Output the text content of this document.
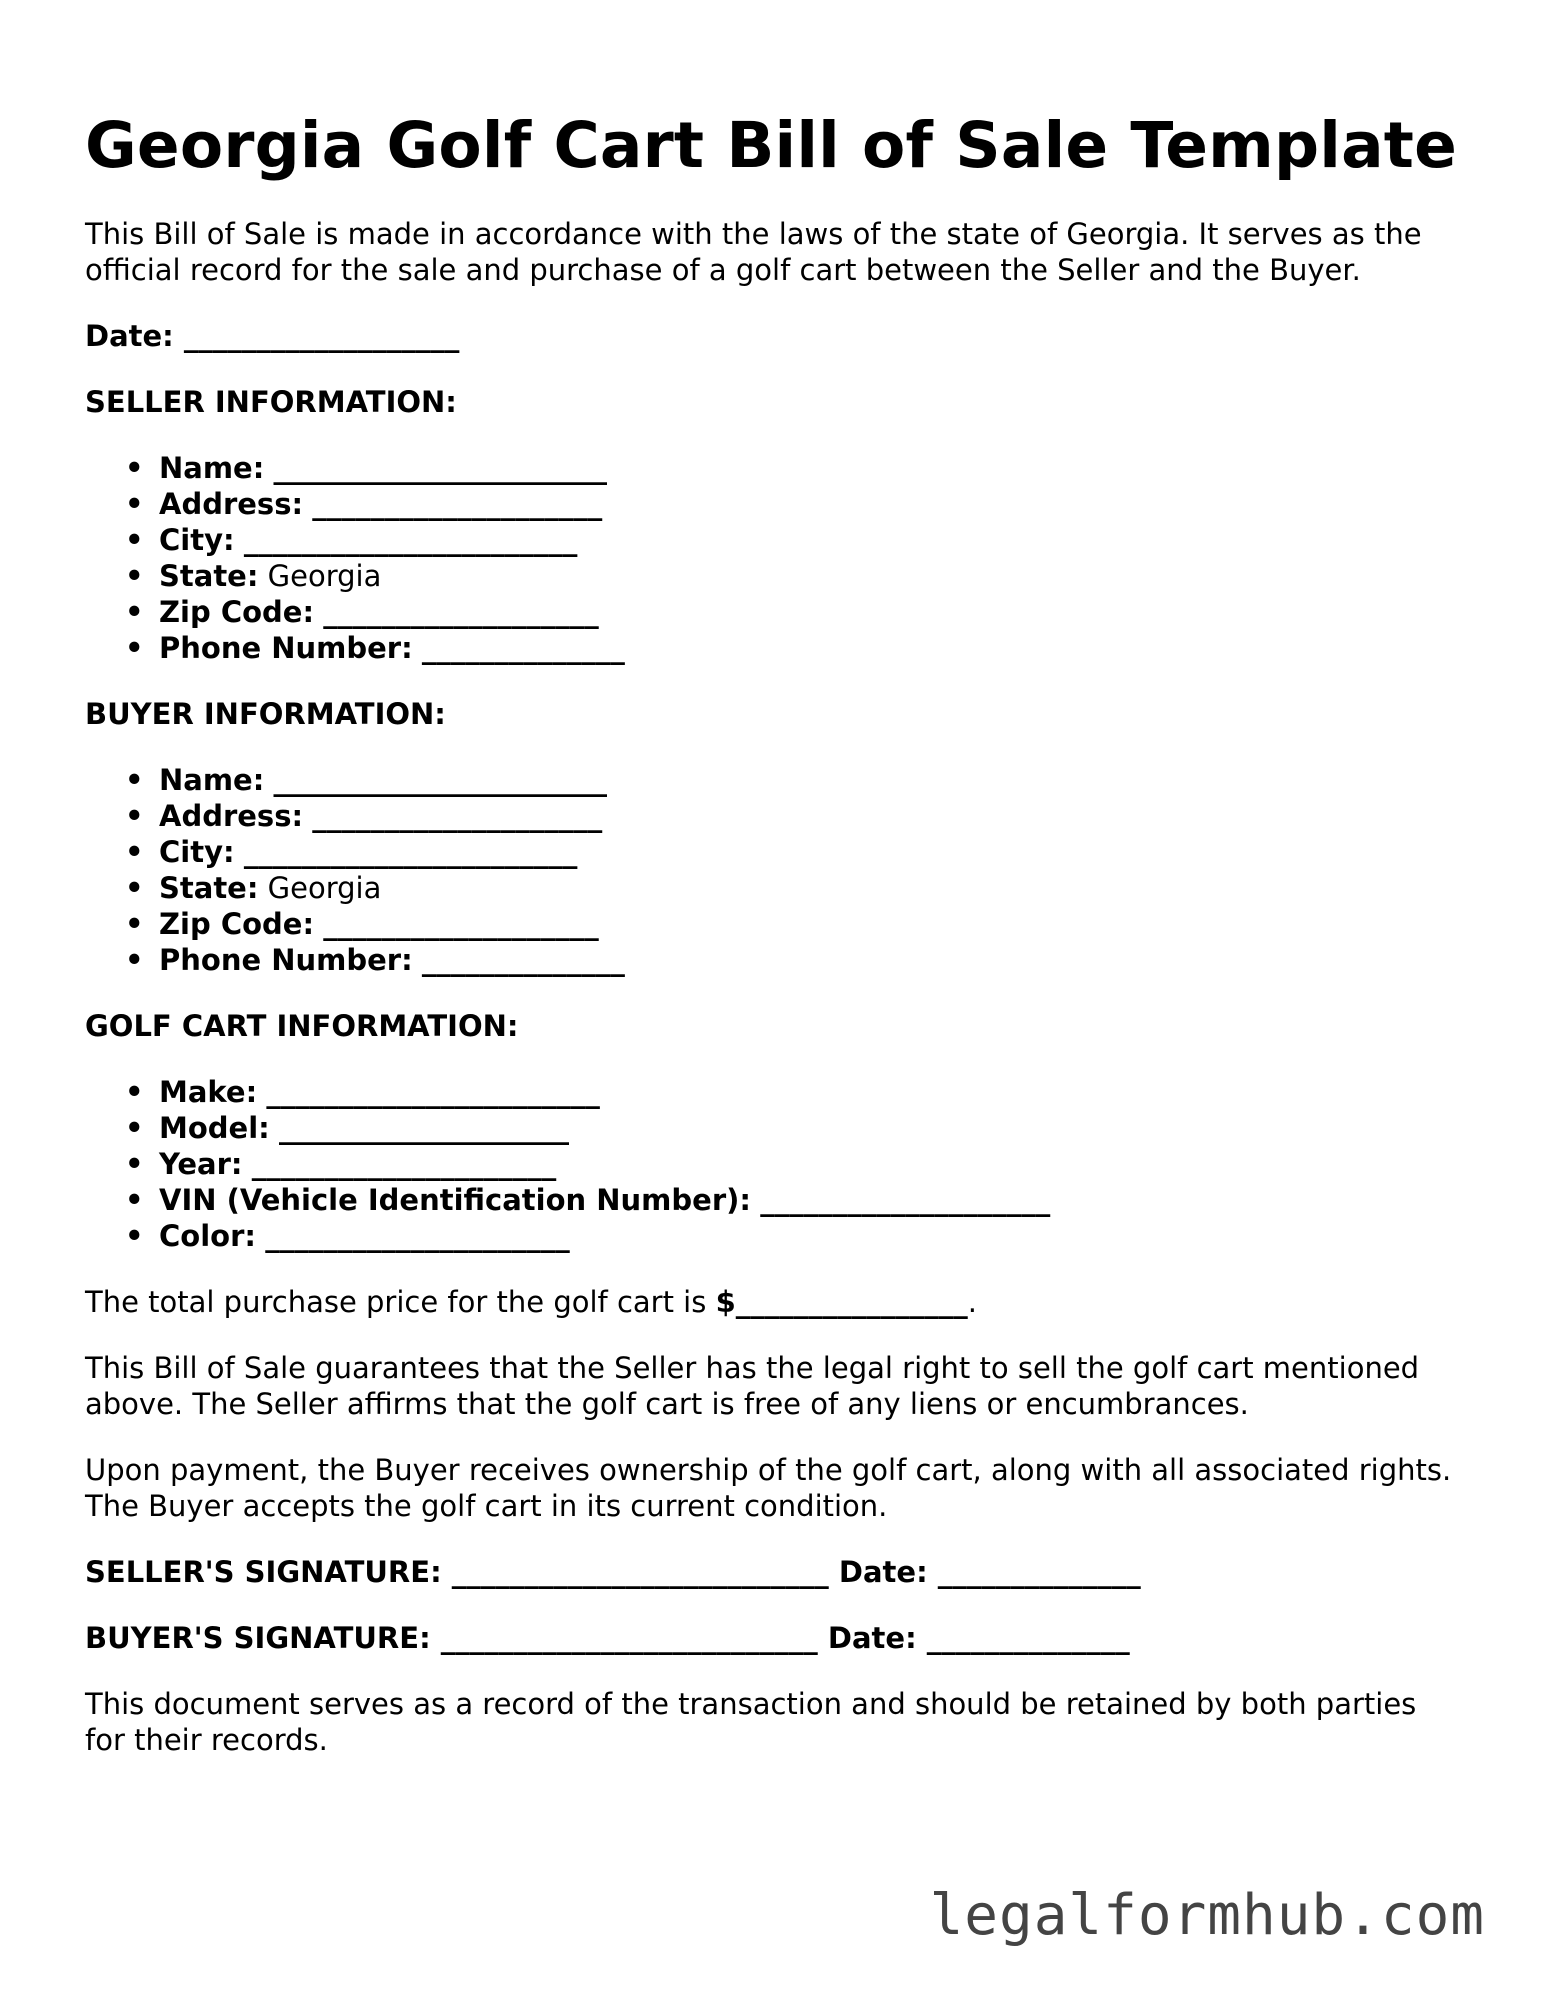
Georgia Golf Cart Bill of Sale Template

This Bill of Sale is made in accordance with the laws of the state of Georgia. It serves as the official record for the sale and purchase of a golf cart between the Seller and the Buyer.

Date: ___________________

SELLER INFORMATION:

• Name: _______________________
• Address: ____________________
• City: _______________________
• State: Georgia
• Zip Code: ___________________
• Phone Number: ______________

BUYER INFORMATION:

• Name: _______________________
• Address: ____________________
• City: _______________________
• State: Georgia
• Zip Code: ___________________
• Phone Number: ______________

GOLF CART INFORMATION:

• Make: _______________________
• Model: ____________________
• Year: _____________________
• VIN (Vehicle Identification Number): ____________________
• Color: _____________________

The total purchase price for the golf cart is $________________.

This Bill of Sale guarantees that the Seller has the legal right to sell the golf cart mentioned above. The Seller affirms that the golf cart is free of any liens or encumbrances.

Upon payment, the Buyer receives ownership of the golf cart, along with all associated rights. The Buyer accepts the golf cart in its current condition.

SELLER'S SIGNATURE: __________________________ Date: ______________

BUYER'S SIGNATURE: __________________________ Date: ______________

This document serves as a record of the transaction and should be retained by both parties for their records.

legalformhub.com
